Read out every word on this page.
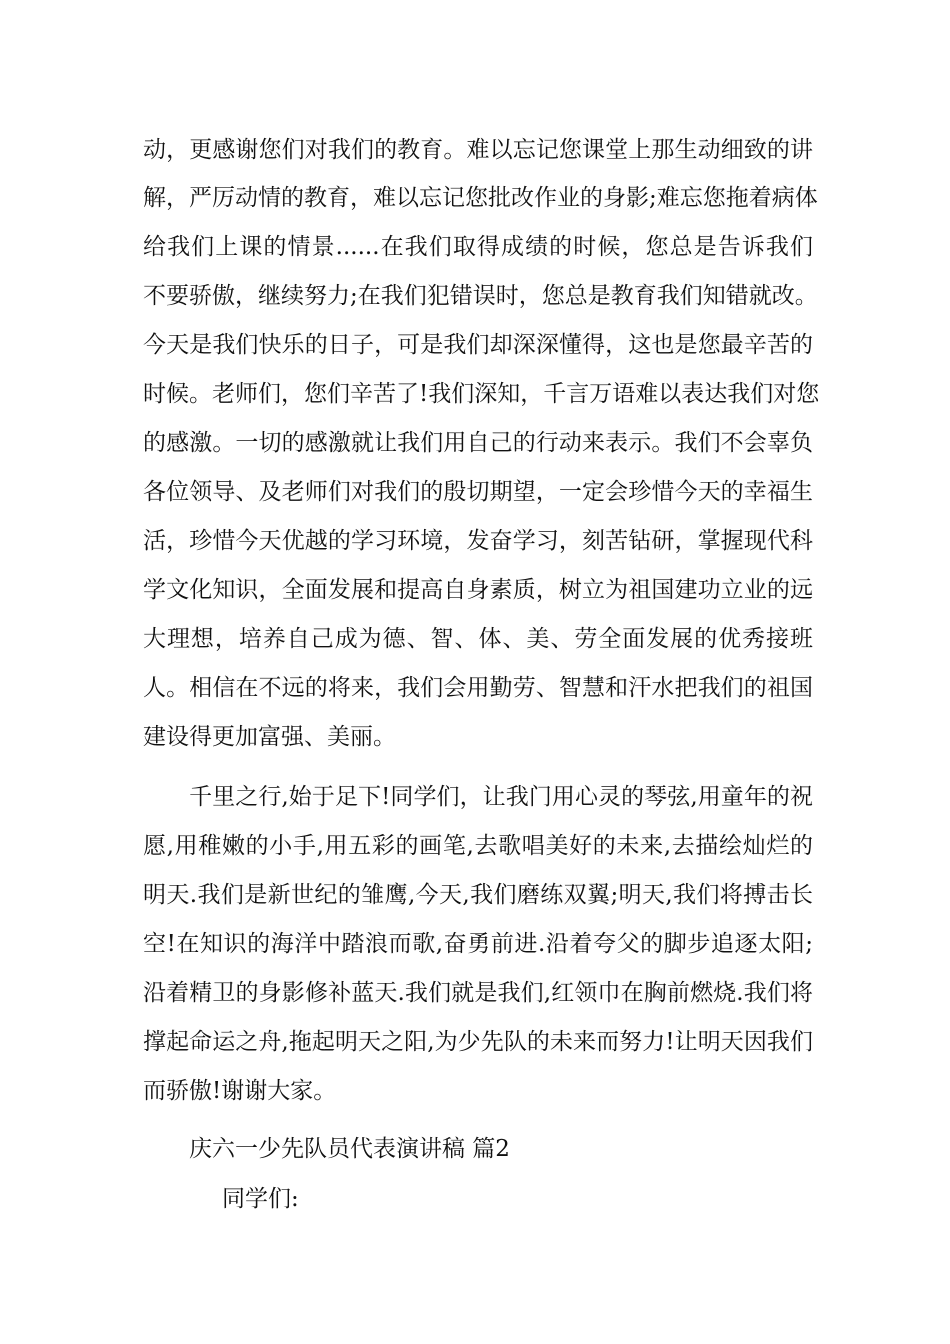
动，更感谢您们对我们的教育。难以忘记您课堂上那生动细致的讲
解，严厉动情的教育，难以忘记您批改作业的身影;难忘您拖着病体
给我们上课的情景......在我们取得成绩的时候，您总是告诉我们
不要骄傲，继续努力;在我们犯错误时，您总是教育我们知错就改。
今天是我们快乐的日子，可是我们却深深懂得，这也是您最辛苦的
时候。老师们，您们辛苦了!我们深知，千言万语难以表达我们对您
的感激。一切的感激就让我们用自己的行动来表示。我们不会辜负
各位领导、及老师们对我们的殷切期望，一定会珍惜今天的幸福生
活，珍惜今天优越的学习环境，发奋学习，刻苦钻研，掌握现代科
学文化知识，全面发展和提高自身素质，树立为祖国建功立业的远
大理想，培养自己成为德、智、体、美、劳全面发展的优秀接班
人。相信在不远的将来，我们会用勤劳、智慧和汗水把我们的祖国
建设得更加富强、美丽。
　　千里之行,始于足下!同学们，让我门用心灵的琴弦,用童年的祝
愿,用稚嫩的小手,用五彩的画笔,去歌唱美好的未来,去描绘灿烂的
明天.我们是新世纪的雏鹰,今天,我们磨练双翼;明天,我们将搏击长
空!在知识的海洋中踏浪而歌,奋勇前进.沿着夸父的脚步追逐太阳;
沿着精卫的身影修补蓝天.我们就是我们,红领巾在胸前燃烧.我们将
撑起命运之舟,拖起明天之阳,为少先队的未来而努力!让明天因我们
而骄傲!谢谢大家。
庆六一少先队员代表演讲稿 篇2
同学们:
